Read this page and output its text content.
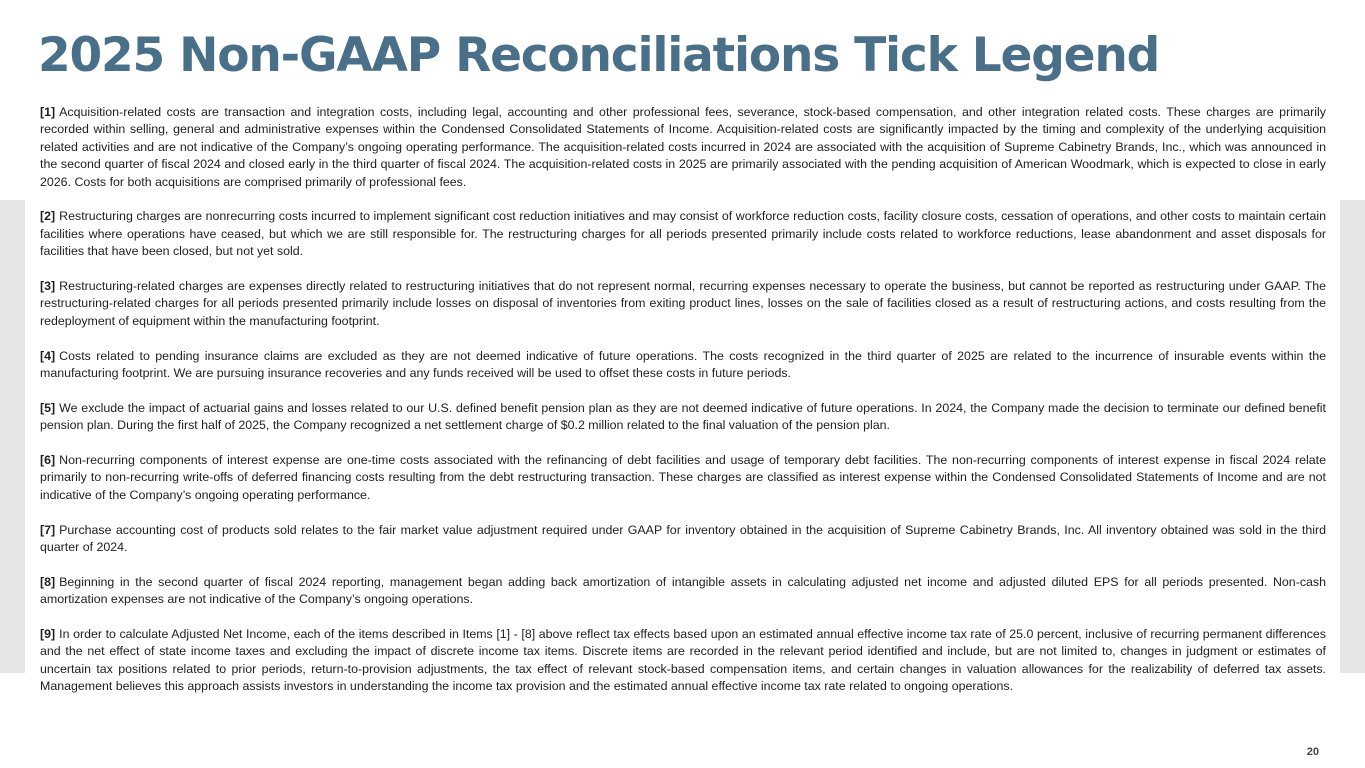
2025 Non-GAAP Reconciliations Tick Legend

[1] Acquisition-related costs are transaction and integration costs, including legal, accounting and other professional fees, severance, stock-based compensation, and other integration related costs. These charges are primarily recorded within selling, general and administrative expenses within the Condensed Consolidated Statements of Income. Acquisition-related costs are significantly impacted by the timing and complexity of the underlying acquisition related activities and are not indicative of the Company’s ongoing operating performance. The acquisition-related costs incurred in 2024 are associated with the acquisition of Supreme Cabinetry Brands, Inc., which was announced in the second quarter of fiscal 2024 and closed early in the third quarter of fiscal 2024. The acquisition-related costs in 2025 are primarily associated with the pending acquisition of American Woodmark, which is expected to close in early 2026. Costs for both acquisitions are comprised primarily of professional fees.

[2] Restructuring charges are nonrecurring costs incurred to implement significant cost reduction initiatives and may consist of workforce reduction costs, facility closure costs, cessation of operations, and other costs to maintain certain facilities where operations have ceased, but which we are still responsible for. The restructuring charges for all periods presented primarily include costs related to workforce reductions, lease abandonment and asset disposals for facilities that have been closed, but not yet sold.

[3] Restructuring-related charges are expenses directly related to restructuring initiatives that do not represent normal, recurring expenses necessary to operate the business, but cannot be reported as restructuring under GAAP. The restructuring-related charges for all periods presented primarily include losses on disposal of inventories from exiting product lines, losses on the sale of facilities closed as a result of restructuring actions, and costs resulting from the redeployment of equipment within the manufacturing footprint.

[4] Costs related to pending insurance claims are excluded as they are not deemed indicative of future operations. The costs recognized in the third quarter of 2025 are related to the incurrence of insurable events within the manufacturing footprint. We are pursuing insurance recoveries and any funds received will be used to offset these costs in future periods.

[5] We exclude the impact of actuarial gains and losses related to our U.S. defined benefit pension plan as they are not deemed indicative of future operations. In 2024, the Company made the decision to terminate our defined benefit pension plan. During the first half of 2025, the Company recognized a net settlement charge of $0.2 million related to the final valuation of the pension plan.

[6] Non-recurring components of interest expense are one-time costs associated with the refinancing of debt facilities and usage of temporary debt facilities. The non-recurring components of interest expense in fiscal 2024 relate primarily to non-recurring write-offs of deferred financing costs resulting from the debt restructuring transaction. These charges are classified as interest expense within the Condensed Consolidated Statements of Income and are not indicative of the Company’s ongoing operating performance.

[7] Purchase accounting cost of products sold relates to the fair market value adjustment required under GAAP for inventory obtained in the acquisition of Supreme Cabinetry Brands, Inc. All inventory obtained was sold in the third quarter of 2024.

[8] Beginning in the second quarter of fiscal 2024 reporting, management began adding back amortization of intangible assets in calculating adjusted net income and adjusted diluted EPS for all periods presented. Non-cash amortization expenses are not indicative of the Company’s ongoing operations.

[9] In order to calculate Adjusted Net Income, each of the items described in Items [1] - [8] above reflect tax effects based upon an estimated annual effective income tax rate of 25.0 percent, inclusive of recurring permanent differences and the net effect of state income taxes and excluding the impact of discrete income tax items. Discrete items are recorded in the relevant period identified and include, but are not limited to, changes in judgment or estimates of uncertain tax positions related to prior periods, return-to-provision adjustments, the tax effect of relevant stock-based compensation items, and certain changes in valuation allowances for the realizability of deferred tax assets. Management believes this approach assists investors in understanding the income tax provision and the estimated annual effective income tax rate related to ongoing operations.

20
